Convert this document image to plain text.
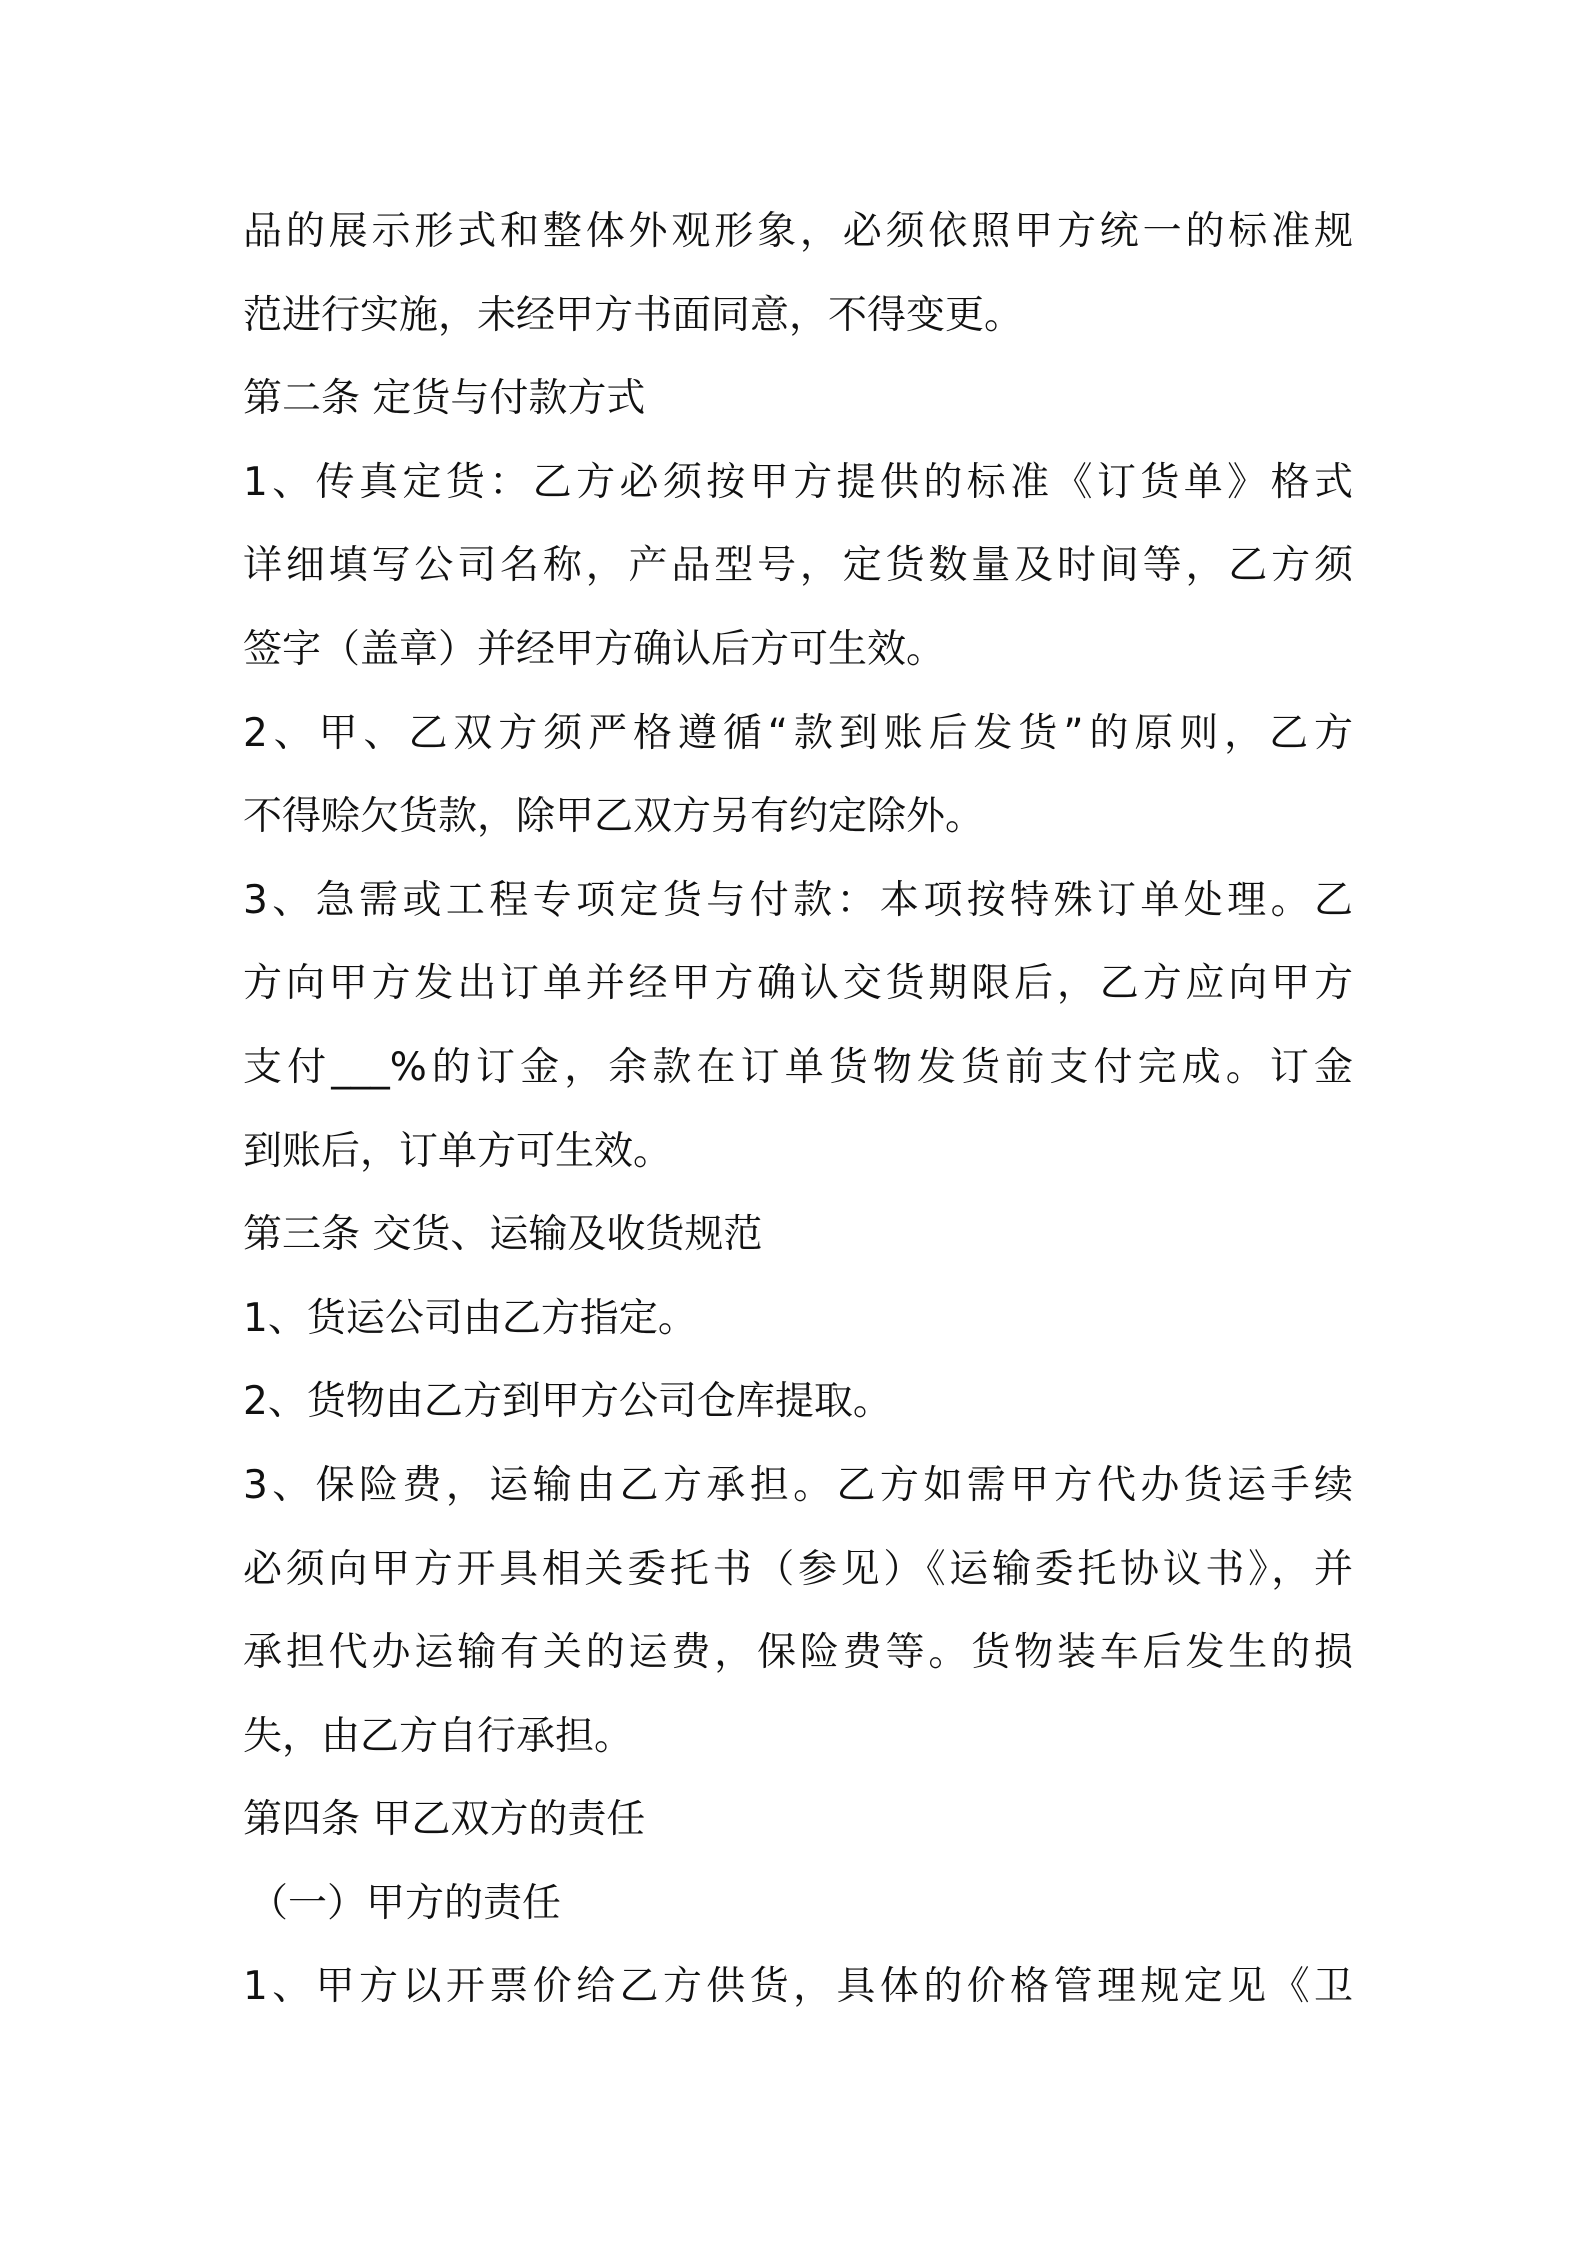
品的展示形式和整体外观形象，必须依照甲方统一的标准规
范进行实施，未经甲方书面同意，不得变更。
第二条 定货与付款方式
1、传真定货：乙方必须按甲方提供的标准《订货单》格式
详细填写公司名称，产品型号，定货数量及时间等，乙方须
签字（盖章）并经甲方确认后方可生效。
2、甲、乙双方须严格遵循“款到账后发货”的原则，乙方
不得赊欠货款，除甲乙双方另有约定除外。
3、急需或工程专项定货与付款：本项按特殊订单处理。乙
方向甲方发出订单并经甲方确认交货期限后，乙方应向甲方
支付___%的订金，余款在订单货物发货前支付完成。订金
到账后，订单方可生效。
第三条 交货、运输及收货规范
1、货运公司由乙方指定。
2、货物由乙方到甲方公司仓库提取。
3、保险费，运输由乙方承担。乙方如需甲方代办货运手续
必须向甲方开具相关委托书（参见）《运输委托协议书》，并
承担代办运输有关的运费，保险费等。货物装车后发生的损
失，由乙方自行承担。
第四条 甲乙双方的责任
（一）甲方的责任
1、甲方以开票价给乙方供货，具体的价格管理规定见《卫
